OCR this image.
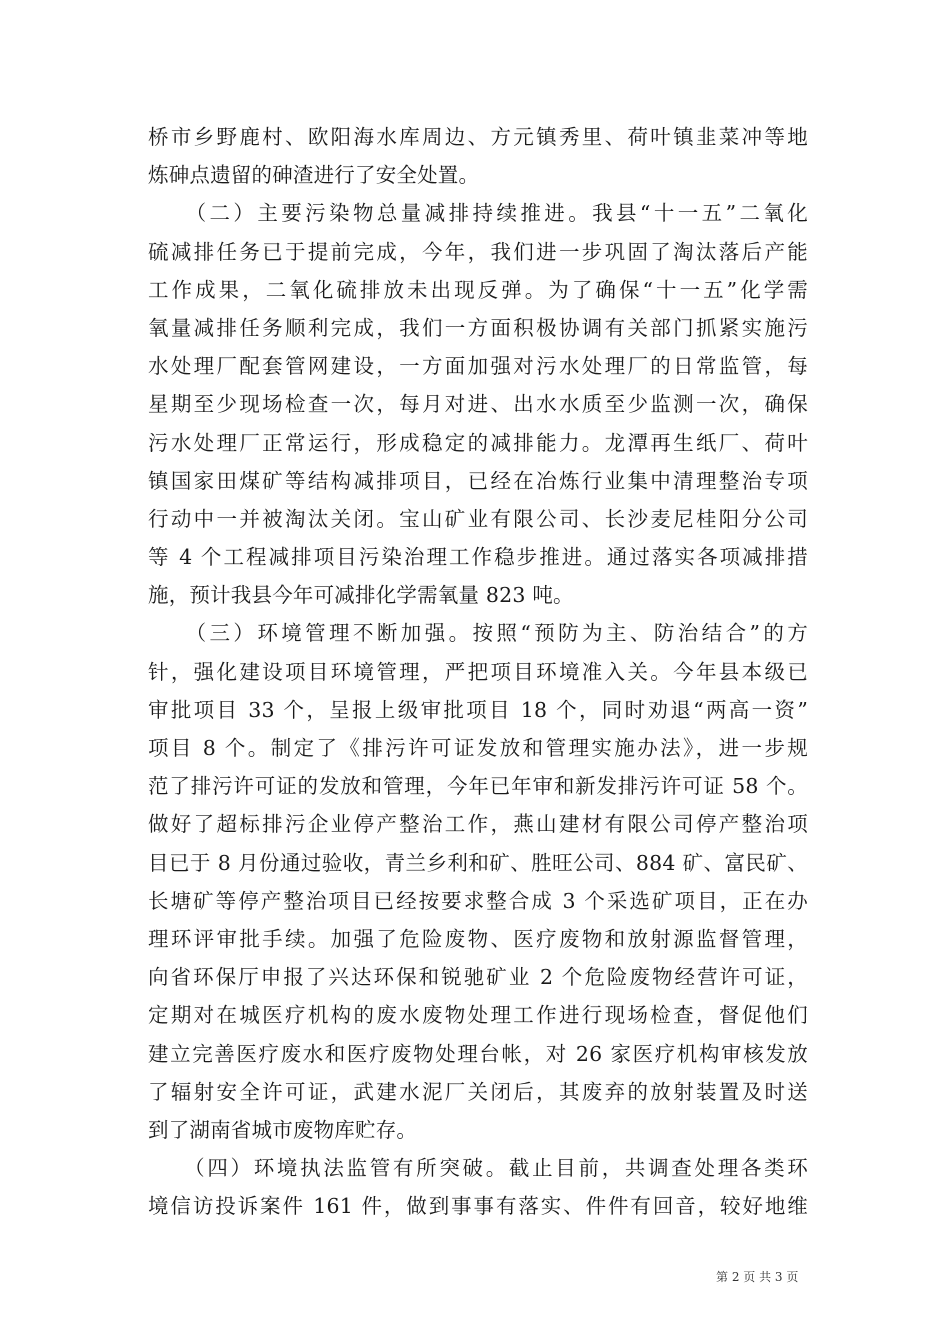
桥市乡野鹿村、欧阳海水库周边、方元镇秀里、荷叶镇韭菜冲等地
炼砷点遗留的砷渣进行了安全处置。
　　（二）主要污染物总量减排持续推进。我县“十一五”二氧化
硫减排任务已于提前完成，今年，我们进一步巩固了淘汰落后产能
工作成果，二氧化硫排放未出现反弹。为了确保“十一五”化学需
氧量减排任务顺利完成，我们一方面积极协调有关部门抓紧实施污
水处理厂配套管网建设，一方面加强对污水处理厂的日常监管，每
星期至少现场检查一次，每月对进、出水水质至少监测一次，确保
污水处理厂正常运行，形成稳定的减排能力。龙潭再生纸厂、荷叶
镇国家田煤矿等结构减排项目，已经在冶炼行业集中清理整治专项
行动中一并被淘汰关闭。宝山矿业有限公司、长沙麦尼桂阳分公司
等 4 个工程减排项目污染治理工作稳步推进。通过落实各项减排措
施，预计我县今年可减排化学需氧量 823 吨。
　　（三）环境管理不断加强。按照“预防为主、防治结合”的方
针，强化建设项目环境管理，严把项目环境准入关。今年县本级已
审批项目 33 个，呈报上级审批项目 18 个，同时劝退“两高一资”
项目 8 个。制定了《排污许可证发放和管理实施办法》，进一步规
范了排污许可证的发放和管理，今年已年审和新发排污许可证 58 个。
做好了超标排污企业停产整治工作，燕山建材有限公司停产整治项
目已于 8 月份通过验收，青兰乡利和矿、胜旺公司、884 矿、富民矿、
长塘矿等停产整治项目已经按要求整合成 3 个采选矿项目，正在办
理环评审批手续。加强了危险废物、医疗废物和放射源监督管理，
向省环保厅申报了兴达环保和锐驰矿业 2 个危险废物经营许可证，
定期对在城医疗机构的废水废物处理工作进行现场检查，督促他们
建立完善医疗废水和医疗废物处理台帐，对 26 家医疗机构审核发放
了辐射安全许可证，武建水泥厂关闭后，其废弃的放射装置及时送
到了湖南省城市废物库贮存。
　　（四）环境执法监管有所突破。截止目前，共调查处理各类环
境信访投诉案件 161 件，做到事事有落实、件件有回音，较好地维
第 2 页 共 3 页
